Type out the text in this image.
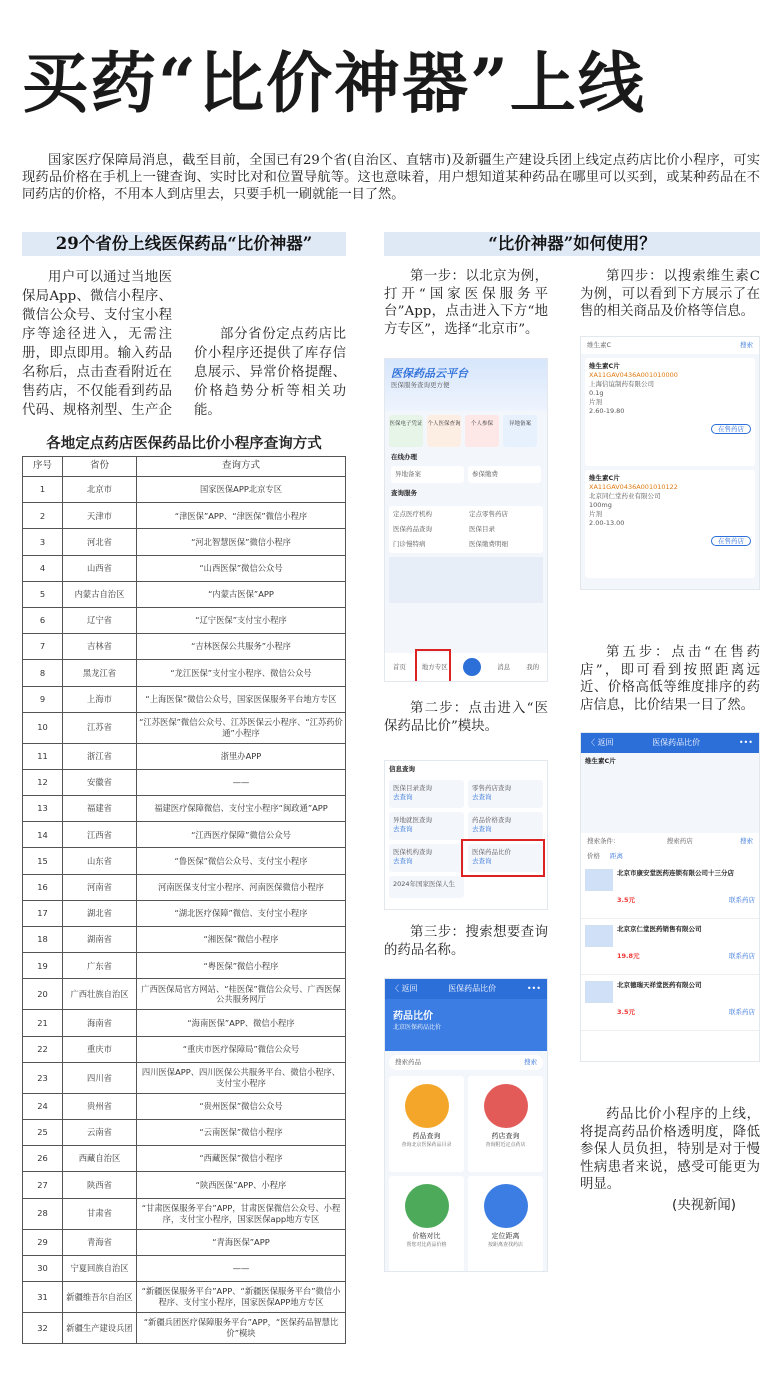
买药“比价神器”上线

国家医疗保障局消息，截至目前，全国已有29个省(自治区、直辖市)及新疆生产建设兵团上线定点药店比价小程序，可实现药品价格在手机上一键查询、实时比对和位置导航等。这也意味着，用户想知道某种药品在哪里可以买到，或某种药品在不同药店的价格，不用本人到店里去，只要手机一刷就能一目了然。

29个省份上线医保药品“比价神器”	“比价神器”如何使用？

用户可以通过当地医保局App、微信小程序、微信公众号、支付宝小程序等途径进入，无需注册，即点即用。输入药品名称后，点击查看附近在售药店，不仅能看到药品代码、规格剂型、生产企

部分省份定点药店比价小程序还提供了库存信息展示、异常价格提醒、价格趋势分析等相关功能。

各地定点药店医保药品比价小程序查询方式
序号	省份	查询方式
1	北京市	国家医保APP北京专区
2	天津市	“津医保”APP、“津医保”微信小程序
3	河北省	“河北智慧医保”微信小程序
4	山西省	“山西医保”微信公众号
5	内蒙古自治区	“内蒙古医保”APP
6	辽宁省	“辽宁医保”支付宝小程序
7	吉林省	“吉林医保公共服务”小程序
8	黑龙江省	“龙江医保”支付宝小程序、微信公众号
9	上海市	“上海医保”微信公众号，国家医保服务平台地方专区
10	江苏省	“江苏医保”微信公众号、江苏医保云小程序、“江苏药价通”小程序
11	浙江省	浙里办APP
12	安徽省	——
13	福建省	福建医疗保障微信、支付宝小程序“闽政通”APP
14	江西省	“江西医疗保障”微信公众号
15	山东省	“鲁医保”微信公众号、支付宝小程序
16	河南省	河南医保支付宝小程序、河南医保微信小程序
17	湖北省	“湖北医疗保障”微信、支付宝小程序
18	湖南省	“湘医保”微信小程序
19	广东省	“粤医保”微信小程序
20	广西壮族自治区	广西医保局官方网站、“桂医保”微信公众号、广西医保公共服务网厅
21	海南省	“海南医保”APP、微信小程序
22	重庆市	“重庆市医疗保障局”微信公众号
23	四川省	四川医保APP、四川医保公共服务平台、微信小程序、支付宝小程序
24	贵州省	“贵州医保”微信公众号
25	云南省	“云南医保”微信小程序
26	西藏自治区	“西藏医保”微信小程序
27	陕西省	“陕西医保”APP、小程序
28	甘肃省	“甘肃医保服务平台”APP，甘肃医保微信公众号、小程序，支付宝小程序，国家医保app地方专区
29	青海省	“青海医保”APP
30	宁夏回族自治区	——
31	新疆维吾尔自治区	“新疆医保服务平台”APP、“新疆医保服务平台”微信小程序、支付宝小程序，国家医保APP地方专区
32	新疆生产建设兵团	“新疆兵团医疗保障服务平台”APP，“医保药品智慧比价”模块

第一步：以北京为例，打开“国家医保服务平台”App，点击进入下方“地方专区”，选择“北京市”。

医保药品云平台
医保服务查询更方便
医保电子凭证 个人医保查询 个人参保	异地备案
在线办理
异地备案	参保缴费
查询服务
定点医疗机构	定点零售药店
医保药品查询	医保目录
门诊慢特病	医保缴费明细
首页 地方专区	消息 我的

第二步：点击进入“医保药品比价”模块。

信息查询
医保目录查询
去查询
零售药店查询
去查询
异地就医查询
去查询
药品价格查询
去查询
医保机构查询
去查询
医保药品比价
去查询
2024年国家医保人生

第三步：搜索想要查询的药品名称。

〈 返回	医保药品比价	•••
药品比价
北京医保药品比价
搜索药品	搜索
药品查询
查询北京医保药品目录
药店查询
查询附近定点药店
价格对比
帮您对比药品价格
定位距离
按距离查找药店

第四步：以搜索维生素C为例，可以看到下方展示了在售的相关商品及价格等信息。

维生素C	搜索
维生素C片
XA11GAV0436A001010000
上海信谊制药有限公司
0.1g
片剂
2.60-19.80
在售药店
维生素C片
XA11GAV0436A001010122
北京同仁堂药业有限公司
100mg
片剂
2.00-13.00
在售药店

第五步：点击“在售药店”，即可看到按照距离远近、价格高低等维度排序的药店信息，比价结果一目了然。

〈 返回	医保药品比价	•••
维生素C片
搜索条件：	搜索药店	搜索
价格 距离
北京市康安堂医药连锁有限公司十三分店
3.5元	联系药店
北京京仁堂医药销售有限公司
19.8元	联系药店
北京德瑞天祥堂医药有限公司
3.5元	联系药店

药品比价小程序的上线，将提高药品价格透明度，降低参保人员负担，特别是对于慢性病患者来说，感受可能更为明显。

(央视新闻)
